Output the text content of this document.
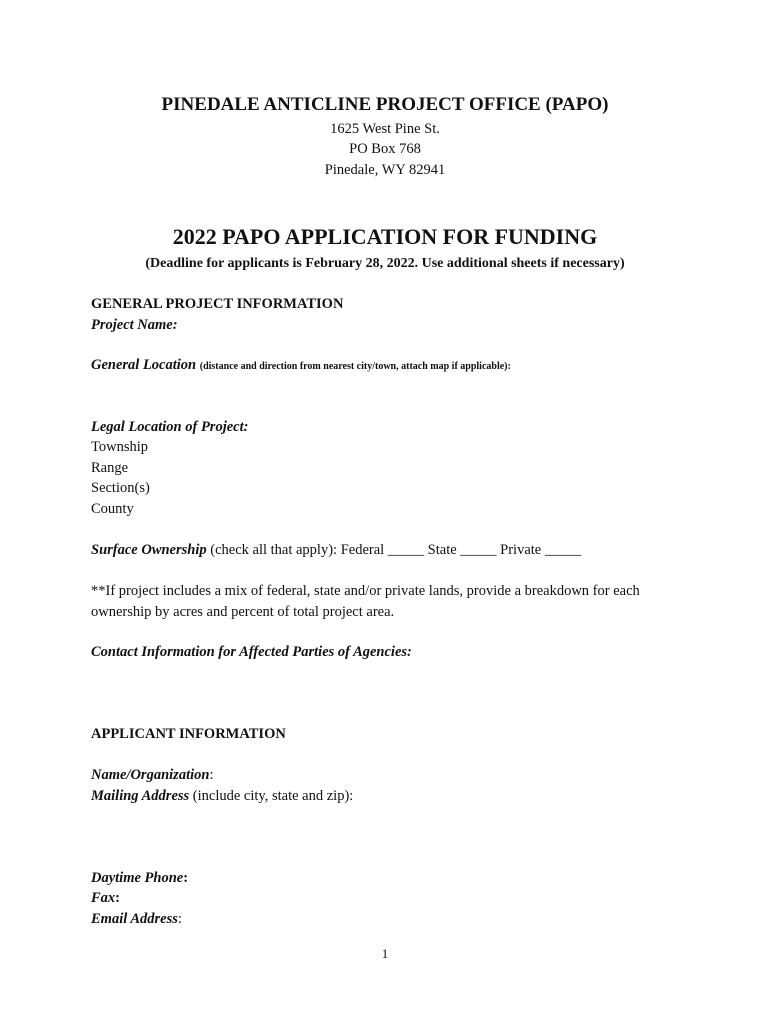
PINEDALE ANTICLINE PROJECT OFFICE (PAPO)
1625 West Pine St.
PO Box 768
Pinedale, WY 82941
2022 PAPO APPLICATION FOR FUNDING
(Deadline for applicants is February 28, 2022. Use additional sheets if necessary)
GENERAL PROJECT INFORMATION
Project Name:
General Location (distance and direction from nearest city/town, attach map if applicable):
Legal Location of Project:
Township
Range
Section(s)
County
Surface Ownership (check all that apply): Federal _____ State _____ Private _____
**If project includes a mix of federal, state and/or private lands, provide a breakdown for each
ownership by acres and percent of total project area.
Contact Information for Affected Parties of Agencies:
APPLICANT INFORMATION
Name/Organization:
Mailing Address (include city, state and zip):
Daytime Phone:
Fax:
Email Address:
1
